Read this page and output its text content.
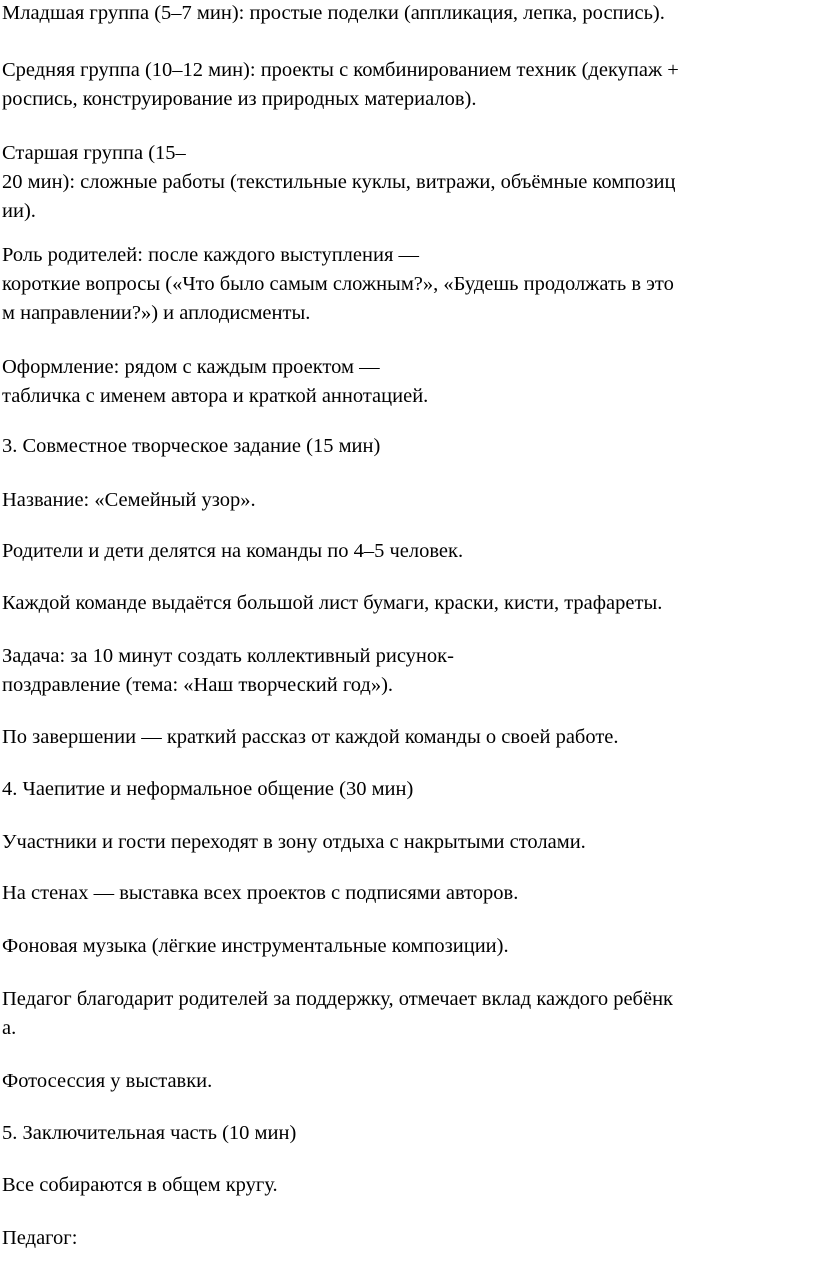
Младшая группа (5–7 мин): простые поделки (аппликация, лепка, роспись).

Средняя группа (10–12 мин): проекты с комбинированием техник (декупаж +
роспись, конструирование из природных материалов).

Старшая группа (15–
20 мин): сложные работы (текстильные куклы, витражи, объёмные композиц
ии).

Роль родителей: после каждого выступления —
короткие вопросы («Что было самым сложным?», «Будешь продолжать в это
м направлении?») и аплодисменты.

Оформление: рядом с каждым проектом —
табличка с именем автора и краткой аннотацией.

3. Совместное творческое задание (15 мин)

Название: «Семейный узор».

Родители и дети делятся на команды по 4–5 человек.

Каждой команде выдаётся большой лист бумаги, краски, кисти, трафареты.

Задача: за 10 минут создать коллективный рисунок-
поздравление (тема: «Наш творческий год»).

По завершении — краткий рассказ от каждой команды о своей работе.

4. Чаепитие и неформальное общение (30 мин)

Участники и гости переходят в зону отдыха с накрытыми столами.

На стенах — выставка всех проектов с подписями авторов.

Фоновая музыка (лёгкие инструментальные композиции).

Педагог благодарит родителей за поддержку, отмечает вклад каждого ребёнк
а.

Фотосессия у выставки.

5. Заключительная часть (10 мин)

Все собираются в общем кругу.

Педагог:
